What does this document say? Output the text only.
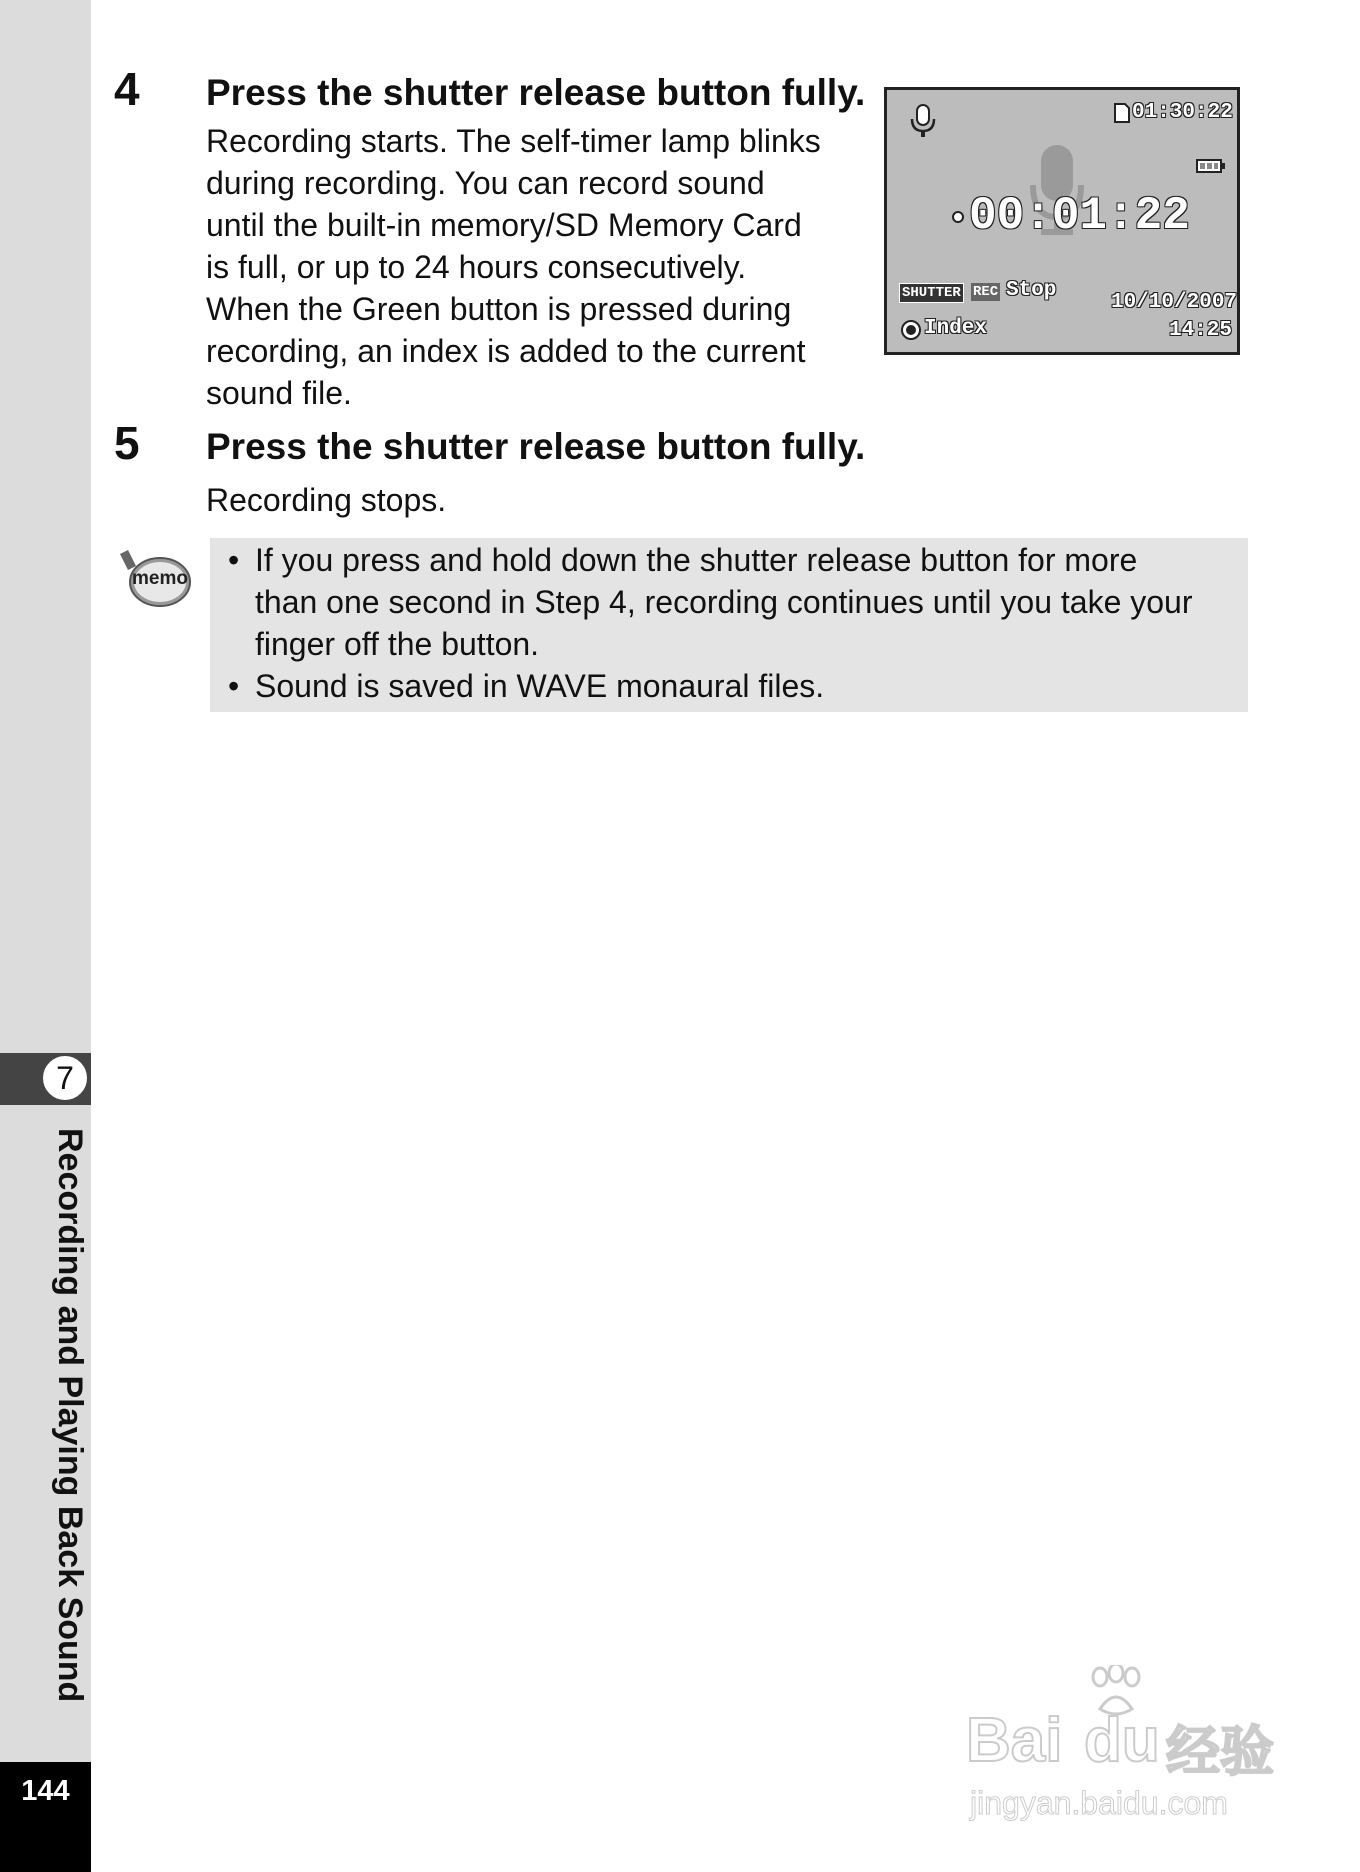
7
Recording and Playing Back Sound
144
4 Press the shutter release button fully.
Recording starts. The self-timer lamp blinks
during recording. You can record sound
until the built-in memory/SD Memory Card
is full, or up to 24 hours consecutively.
When the Green button is pressed during
recording, an index is added to the current
sound file.
01:30:22
00:01:22
SHUTTER REC Stop
10/10/2007
Index	14:25
5 Press the shutter release button fully.
Recording stops.
memo
• If you press and hold down the shutter release button for more
than one second in Step 4, recording continues until you take your
finger off the button.
• Sound is saved in WAVE monaural files.
Bai du 经验
jingyan.baidu.com
